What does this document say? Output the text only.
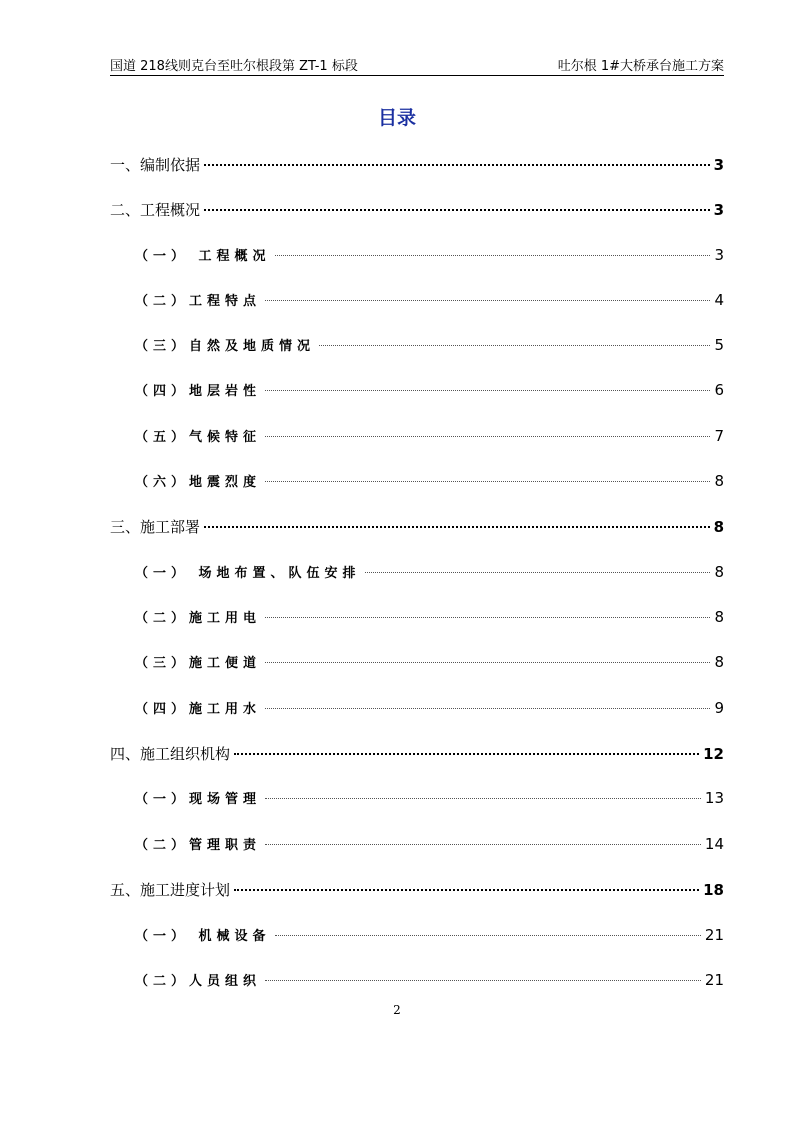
国道 218线则克台至吐尔根段第 ZT-1 标段	吐尔根 1#大桥承台施工方案
目录
一、编制依据	3
二、工程概况	3
（一） 工程概况	3
（二）工程特点	4
（三）自然及地质情况	5
（四）地层岩性	6
（五）气候特征	7
（六）地震烈度	8
三、施工部署	8
（一） 场地布置、队伍安排	8
（二）施工用电	8
（三）施工便道	8
（四）施工用水	9
四、施工组织机构	12
（一）现场管理	13
（二）管理职责	14
五、施工进度计划	18
（一） 机械设备	21
（二）人员组织	21
2
